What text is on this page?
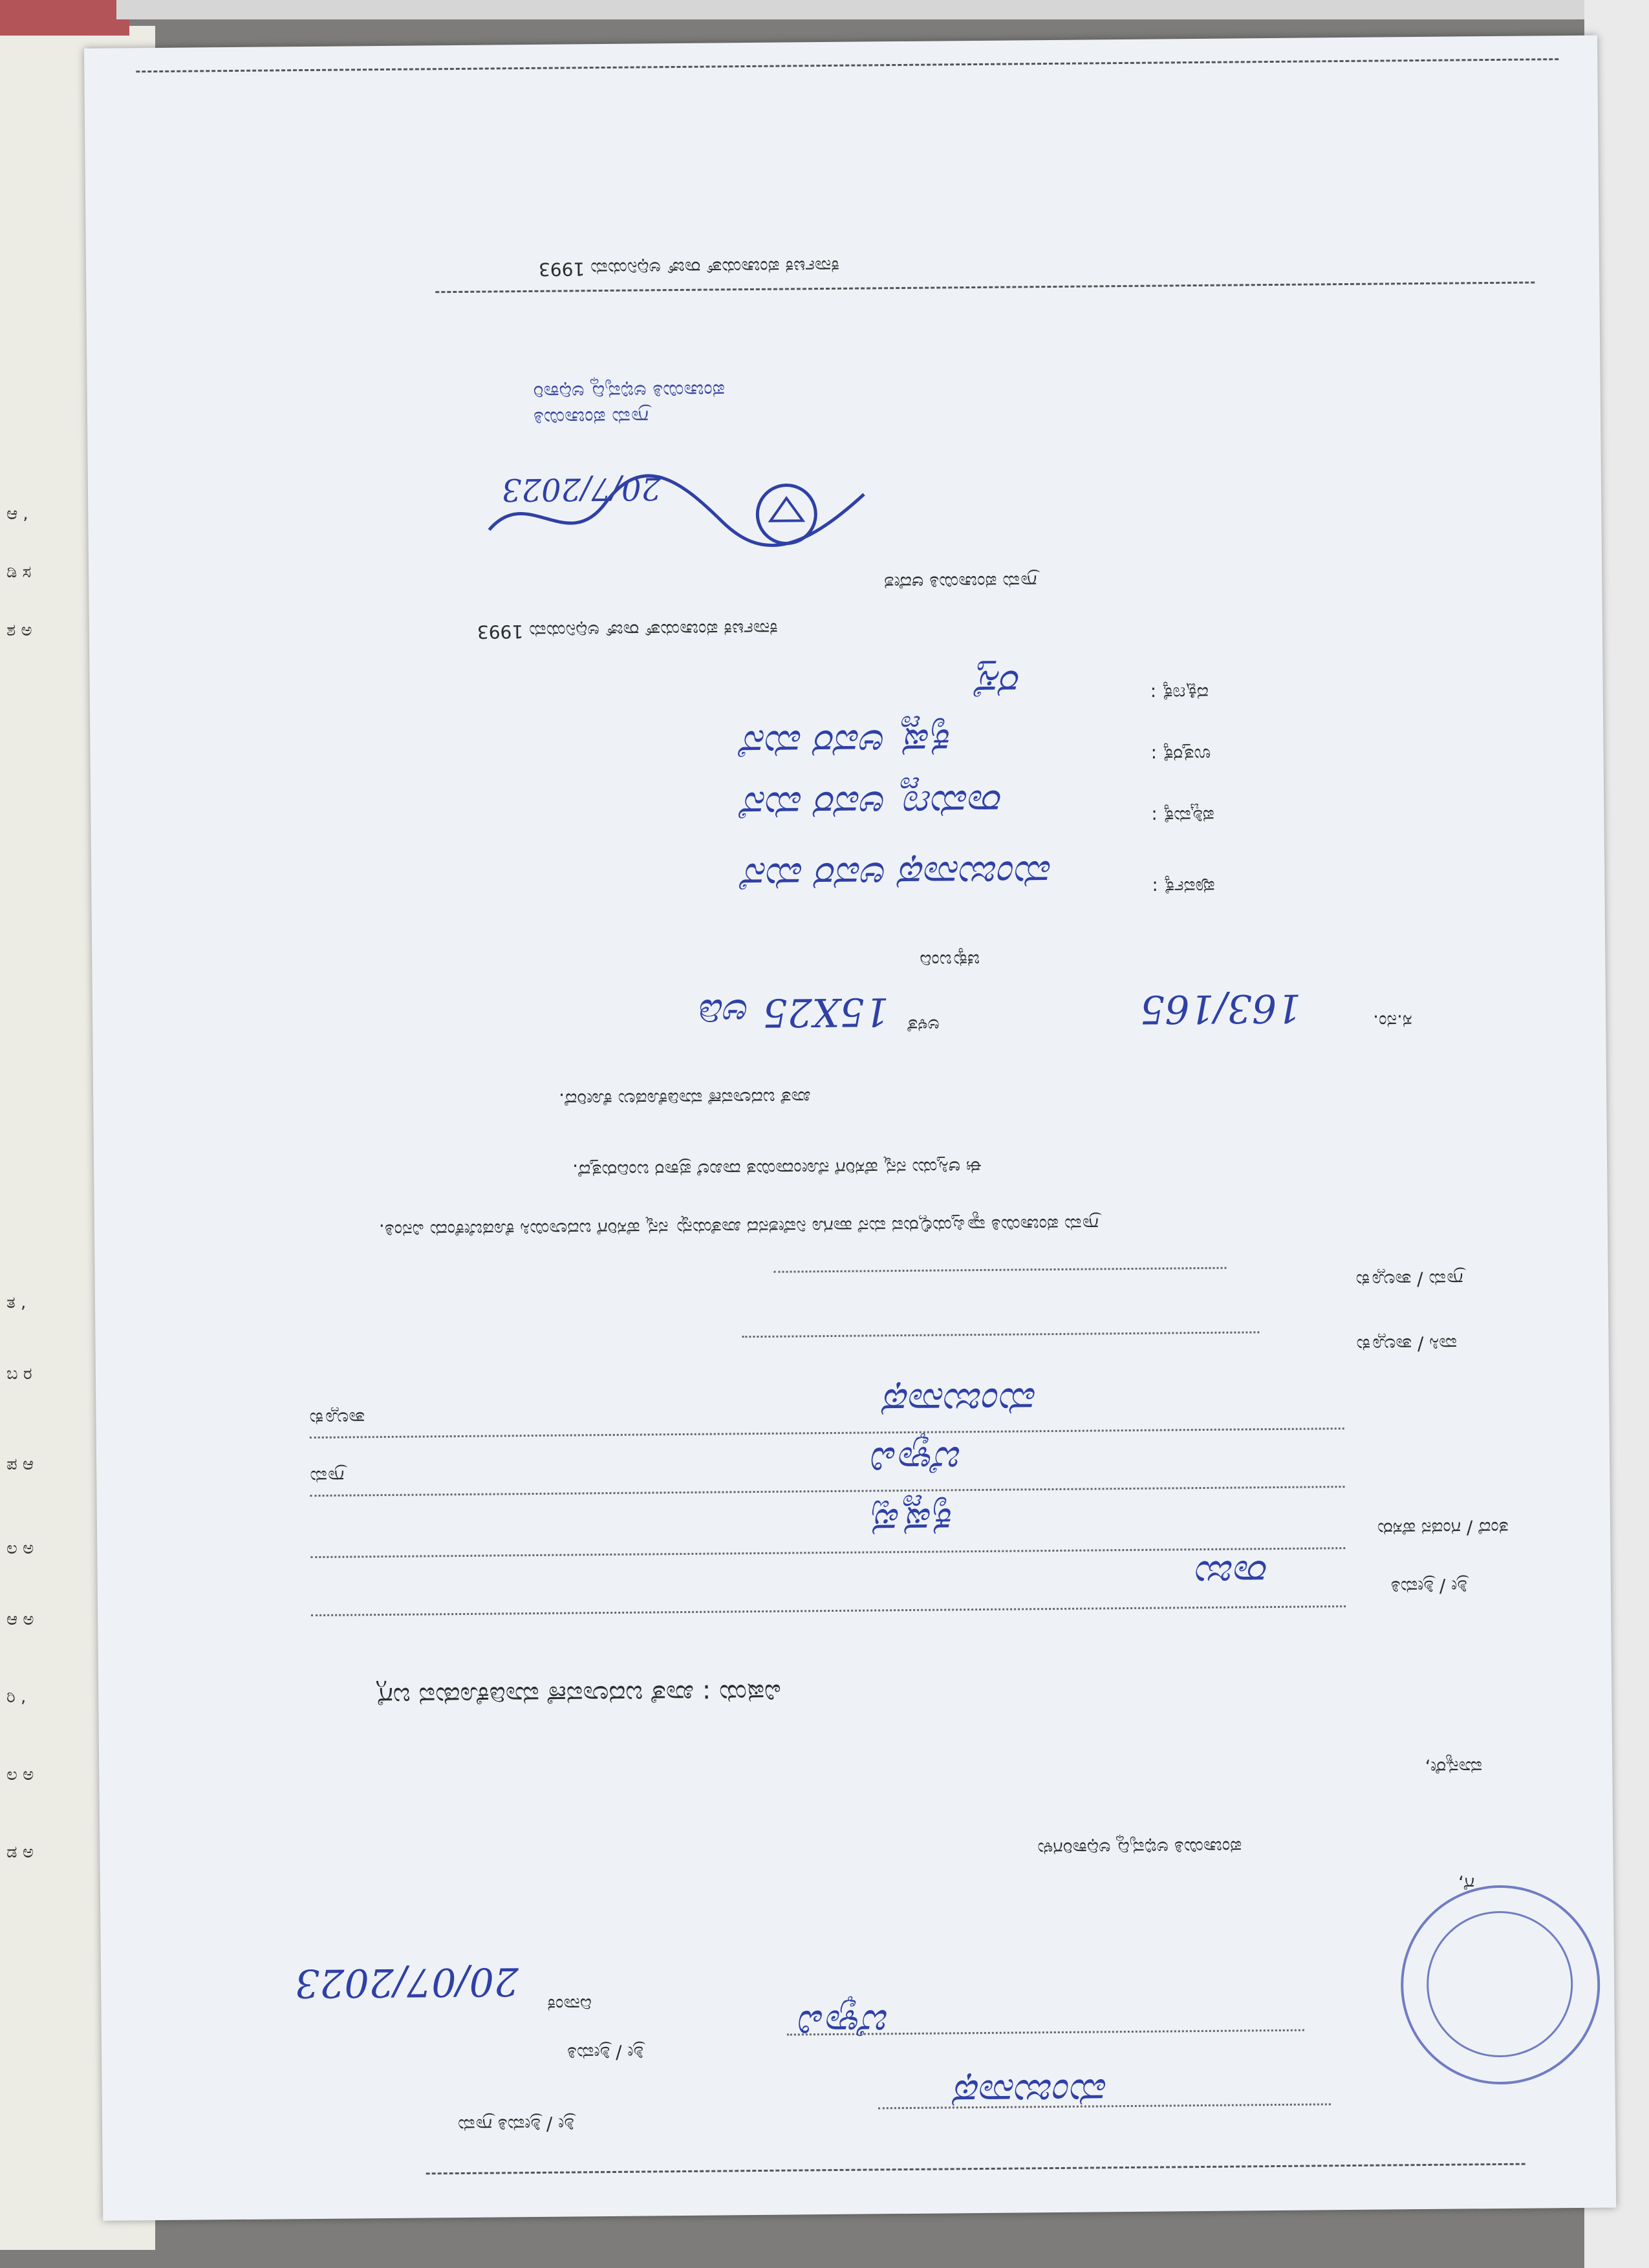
ಆ ,
ಡಿ ಸ
ಶ ಅ
ತ ,
ಬ ರ
ಪ ಆ
ಲ ಅ
ಆ ಅ
ರಿ ,
ಲ ಅ
ಡ ಅ
ಕರ್ನಾಟಕ ಪಂಚಾಯತ್ ರಾಜ್ ಅಧಿನಿಯಮ 1993
ಪಂಚಾಯಿತಿ ಅಭಿವೃದ್ಧಿ ಅಧಿಕಾರಿ
ಗ್ರಾಮ ಪಂಚಾಯಿತಿ
20/7/2023
ಗ್ರಾಮ ಪಂಚಾಯಿತಿ ಆದೇಶ
ಕರ್ನಾಟಕ ಪಂಚಾಯತ್ ರಾಜ್ ಅಧಿನಿಯಮ 1993
ದಕ್ಷಿಣಕ್ಕೆ :
ರಸ್ತೆ
ಉತ್ತರಕ್ಕೆ :
ಕೃಷ್ಣ ಅವರ ಮನೆ
ಪಶ್ಚಿಮಕ್ಕೆ :
ರಾಮಣ್ಣ ಅವರ ಮನೆ
ಪೂರ್ವಕ್ಕೆ :
ಮಂಜುನಾಥ ಅವರ ಮನೆ
ಚಕ್ಕುಬಂದಿ
ಸ.ನಂ.
163/165
ಅಳತೆ
15X25 ಅಡಿ
ಖಾತೆ ಬದಲಾವಣೆ ಮಾಡಿಕೊಡಲು ಕೋರಿದೆ.
ಈ ಆಸ್ತಿಯು ನನ್ನ ಹೆಸರಿಗೆ ನೋಂದಾಯಿತ ದಾಖಲೆ ಪ್ರಕಾರ ಬಂದಿರುತ್ತದೆ.
ಗ್ರಾಮ ಪಂಚಾಯಿತಿ ವ್ಯಾಪ್ತಿಯಲ್ಲಿರುವ ಮನೆ ಹಾಗೂ ನಿವೇಶನದ ಖಾತೆಯನ್ನು ನನ್ನ ಹೆಸರಿಗೆ ಬದಲಾಯಿಸಿ ಕೊಡಬೇಕೆಂದು ವಿನಂತಿ.
ಗ್ರಾಮ / ತಾಲ್ಲೂಕು
ವಾಸಿ / ತಾಲ್ಲೂಕು
ತಾಲ್ಲೂಕು	ಮಂಜುನಾಥ
ಗ್ರಾಮ	ಬೆಳ್ಳಾವಿ
ತಂದೆ / ಗಂಡನ ಹೆಸರು
ಕೃಷ್ಣಪ್ಪ
ಶ್ರೀ / ಶ್ರೀಮತಿ
ರಾಜು
ವಿಷಯ : ಖಾತೆ ಬದಲಾವಣೆ ಮಾಡಿಕೊಡುವ ಬಗ್ಗೆ
ಮಾನ್ಯರೇ,
ಪಂಚಾಯಿತಿ ಅಭಿವೃದ್ಧಿ ಅಧಿಕಾರಿಗಳು
ಗೆ,
ದಿನಾಂಕ
20/07/2023
ಶ್ರೀ / ಶ್ರೀಮತಿ
ಬೆಳ್ಳಾವಿ
ಶ್ರೀ / ಶ್ರೀಮತಿ ಗ್ರಾಮ
ಮಂಜುನಾಥ
